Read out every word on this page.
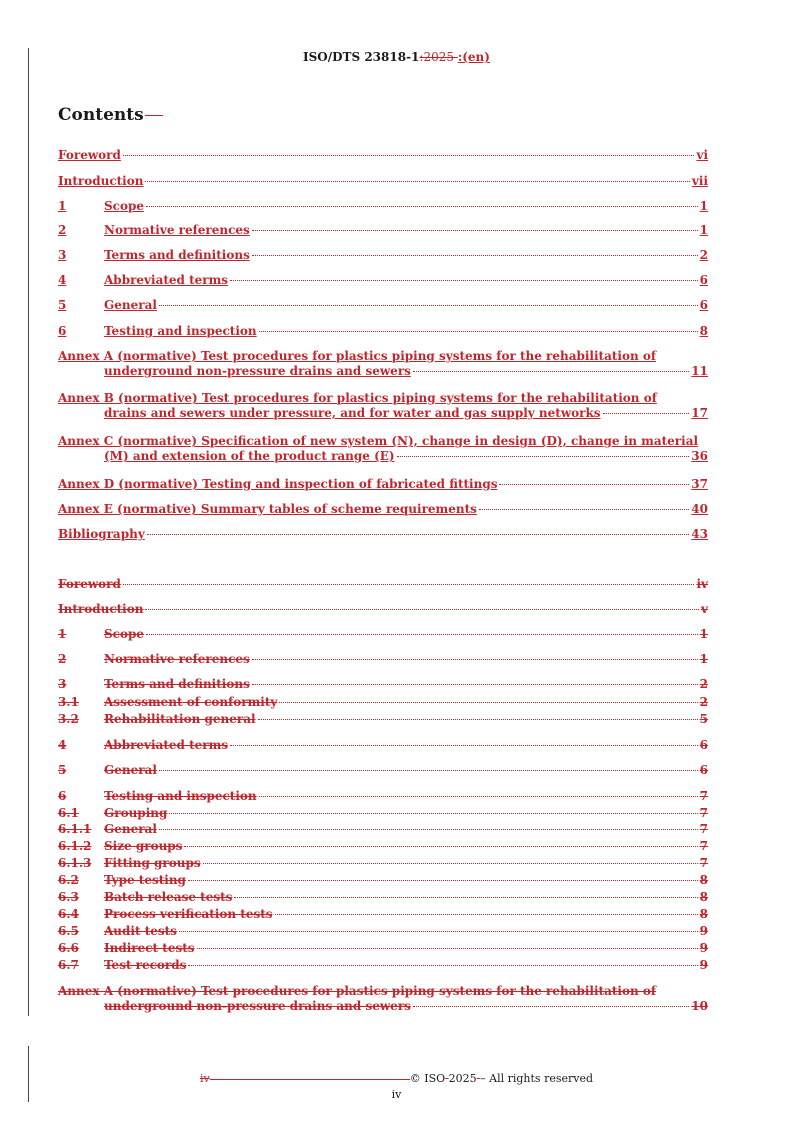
ISO/DTS 23818-1:2025 :(en)
Contents
Foreword	vi
Introduction	vii
1	Scope	1
2	Normative references	1
3	Terms and definitions	2
4	Abbreviated terms	6
5	General	6
6	Testing and inspection	8
Annex A (normative) Test procedures for plastics piping systems for the rehabilitation of
underground non-pressure drains and sewers	11
Annex B (normative) Test procedures for plastics piping systems for the rehabilitation of
drains and sewers under pressure, and for water and gas supply networks	17
Annex C (normative) Specification of new system (N), change in design (D), change in material
(M) and extension of the product range (E)	36
Annex D (normative) Testing and inspection of fabricated fittings	37
Annex E (normative) Summary tables of scheme requirements	40
Bibliography	43
Foreword	iv
Introduction	v
1	Scope	1
2	Normative references	1
3	Terms and definitions	2
3.1	Assessment of conformity	2
3.2	Rehabilitation general	5
4	Abbreviated terms	6
5	General	6
6	Testing and inspection	7
6.1	Grouping	7
6.1.1	General	7
6.1.2	Size groups	7
6.1.3	Fitting groups	7
6.2	Type testing	8
6.3	Batch release tests	8
6.4	Process verification tests	8
6.5	Audit tests	9
6.6	Indirect tests	9
6.7	Test records	9
Annex A (normative) Test procedures for plastics piping systems for the rehabilitation of
underground non-pressure drains and sewers	10
iv	© ISO 2025 – All rights reserved
iv
